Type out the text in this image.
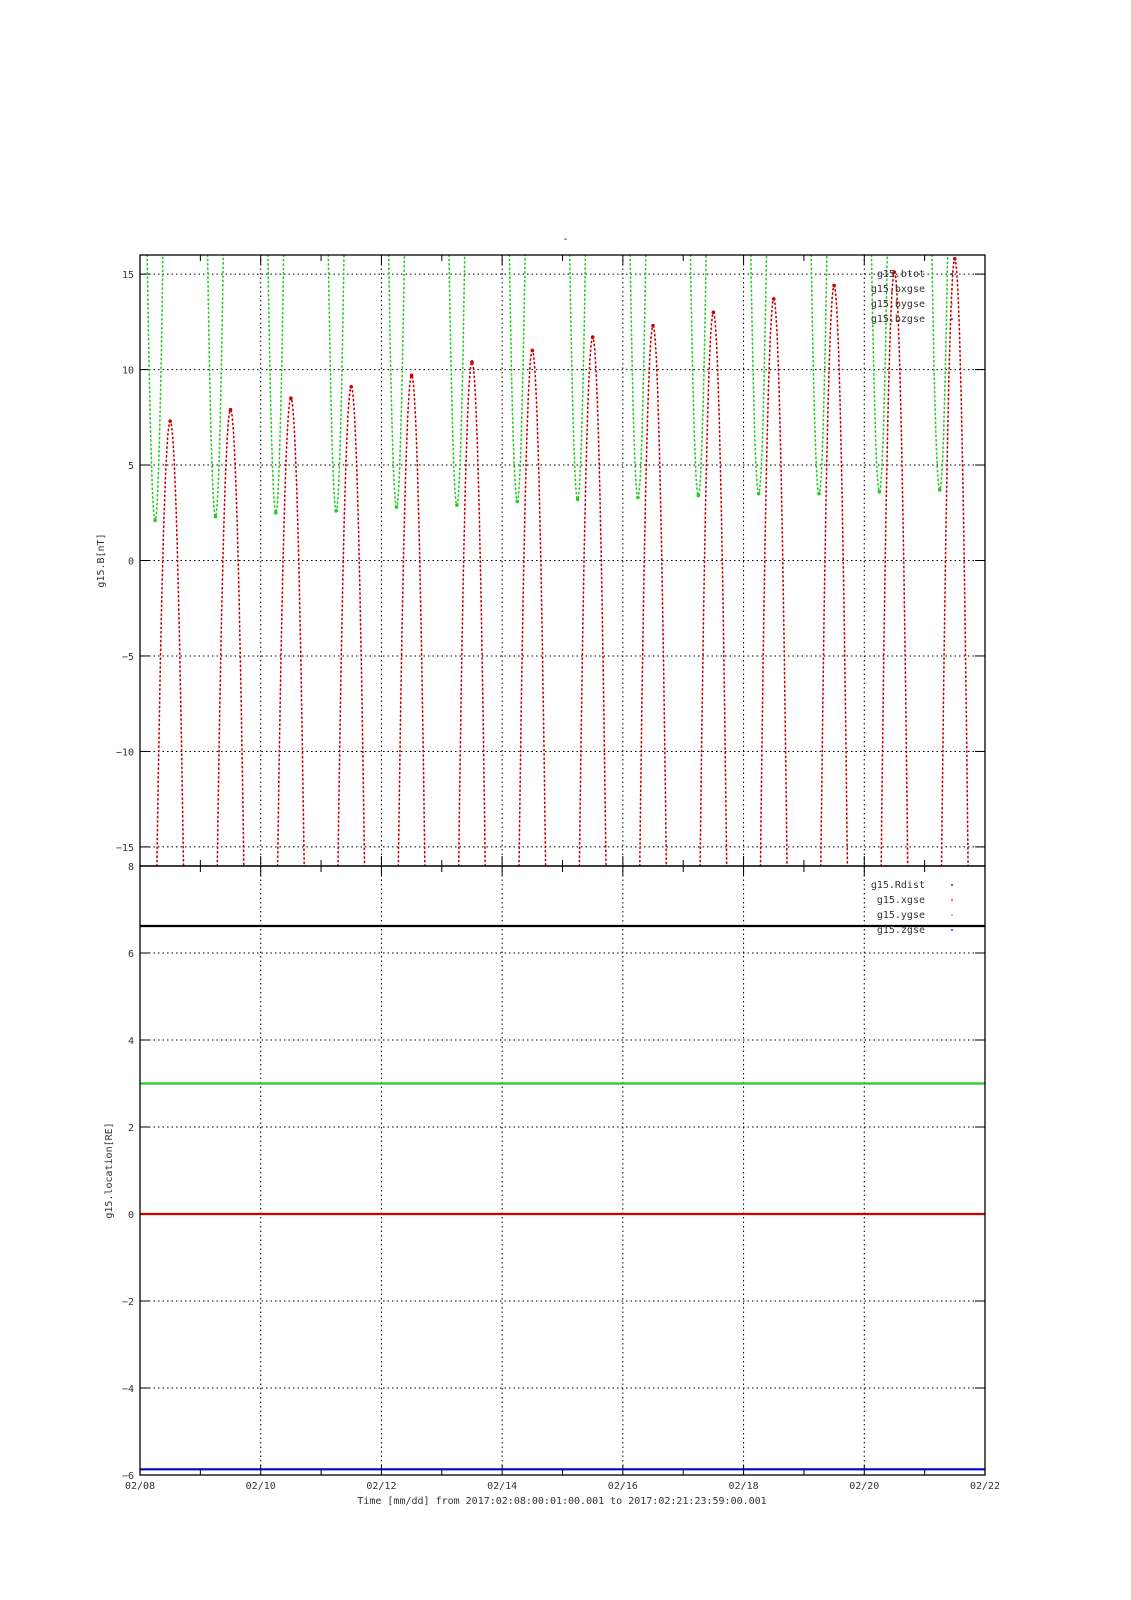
-
−15
−10
−5
0
5
10
15
g15.B[nT]
g15.btot
g15.bxgse
g15.bygse
g15.bzgse
−6
−4
−2
0
2
4
6
8
g15.location[RE]
g15.Rdist
g15.xgse
g15.ygse
g15.zgse
02/08	02/10	02/12	02/14	02/16	02/18	02/20	02/22
Time [mm/dd] from 2017:02:08:00:01:00.001 to 2017:02:21:23:59:00.001
